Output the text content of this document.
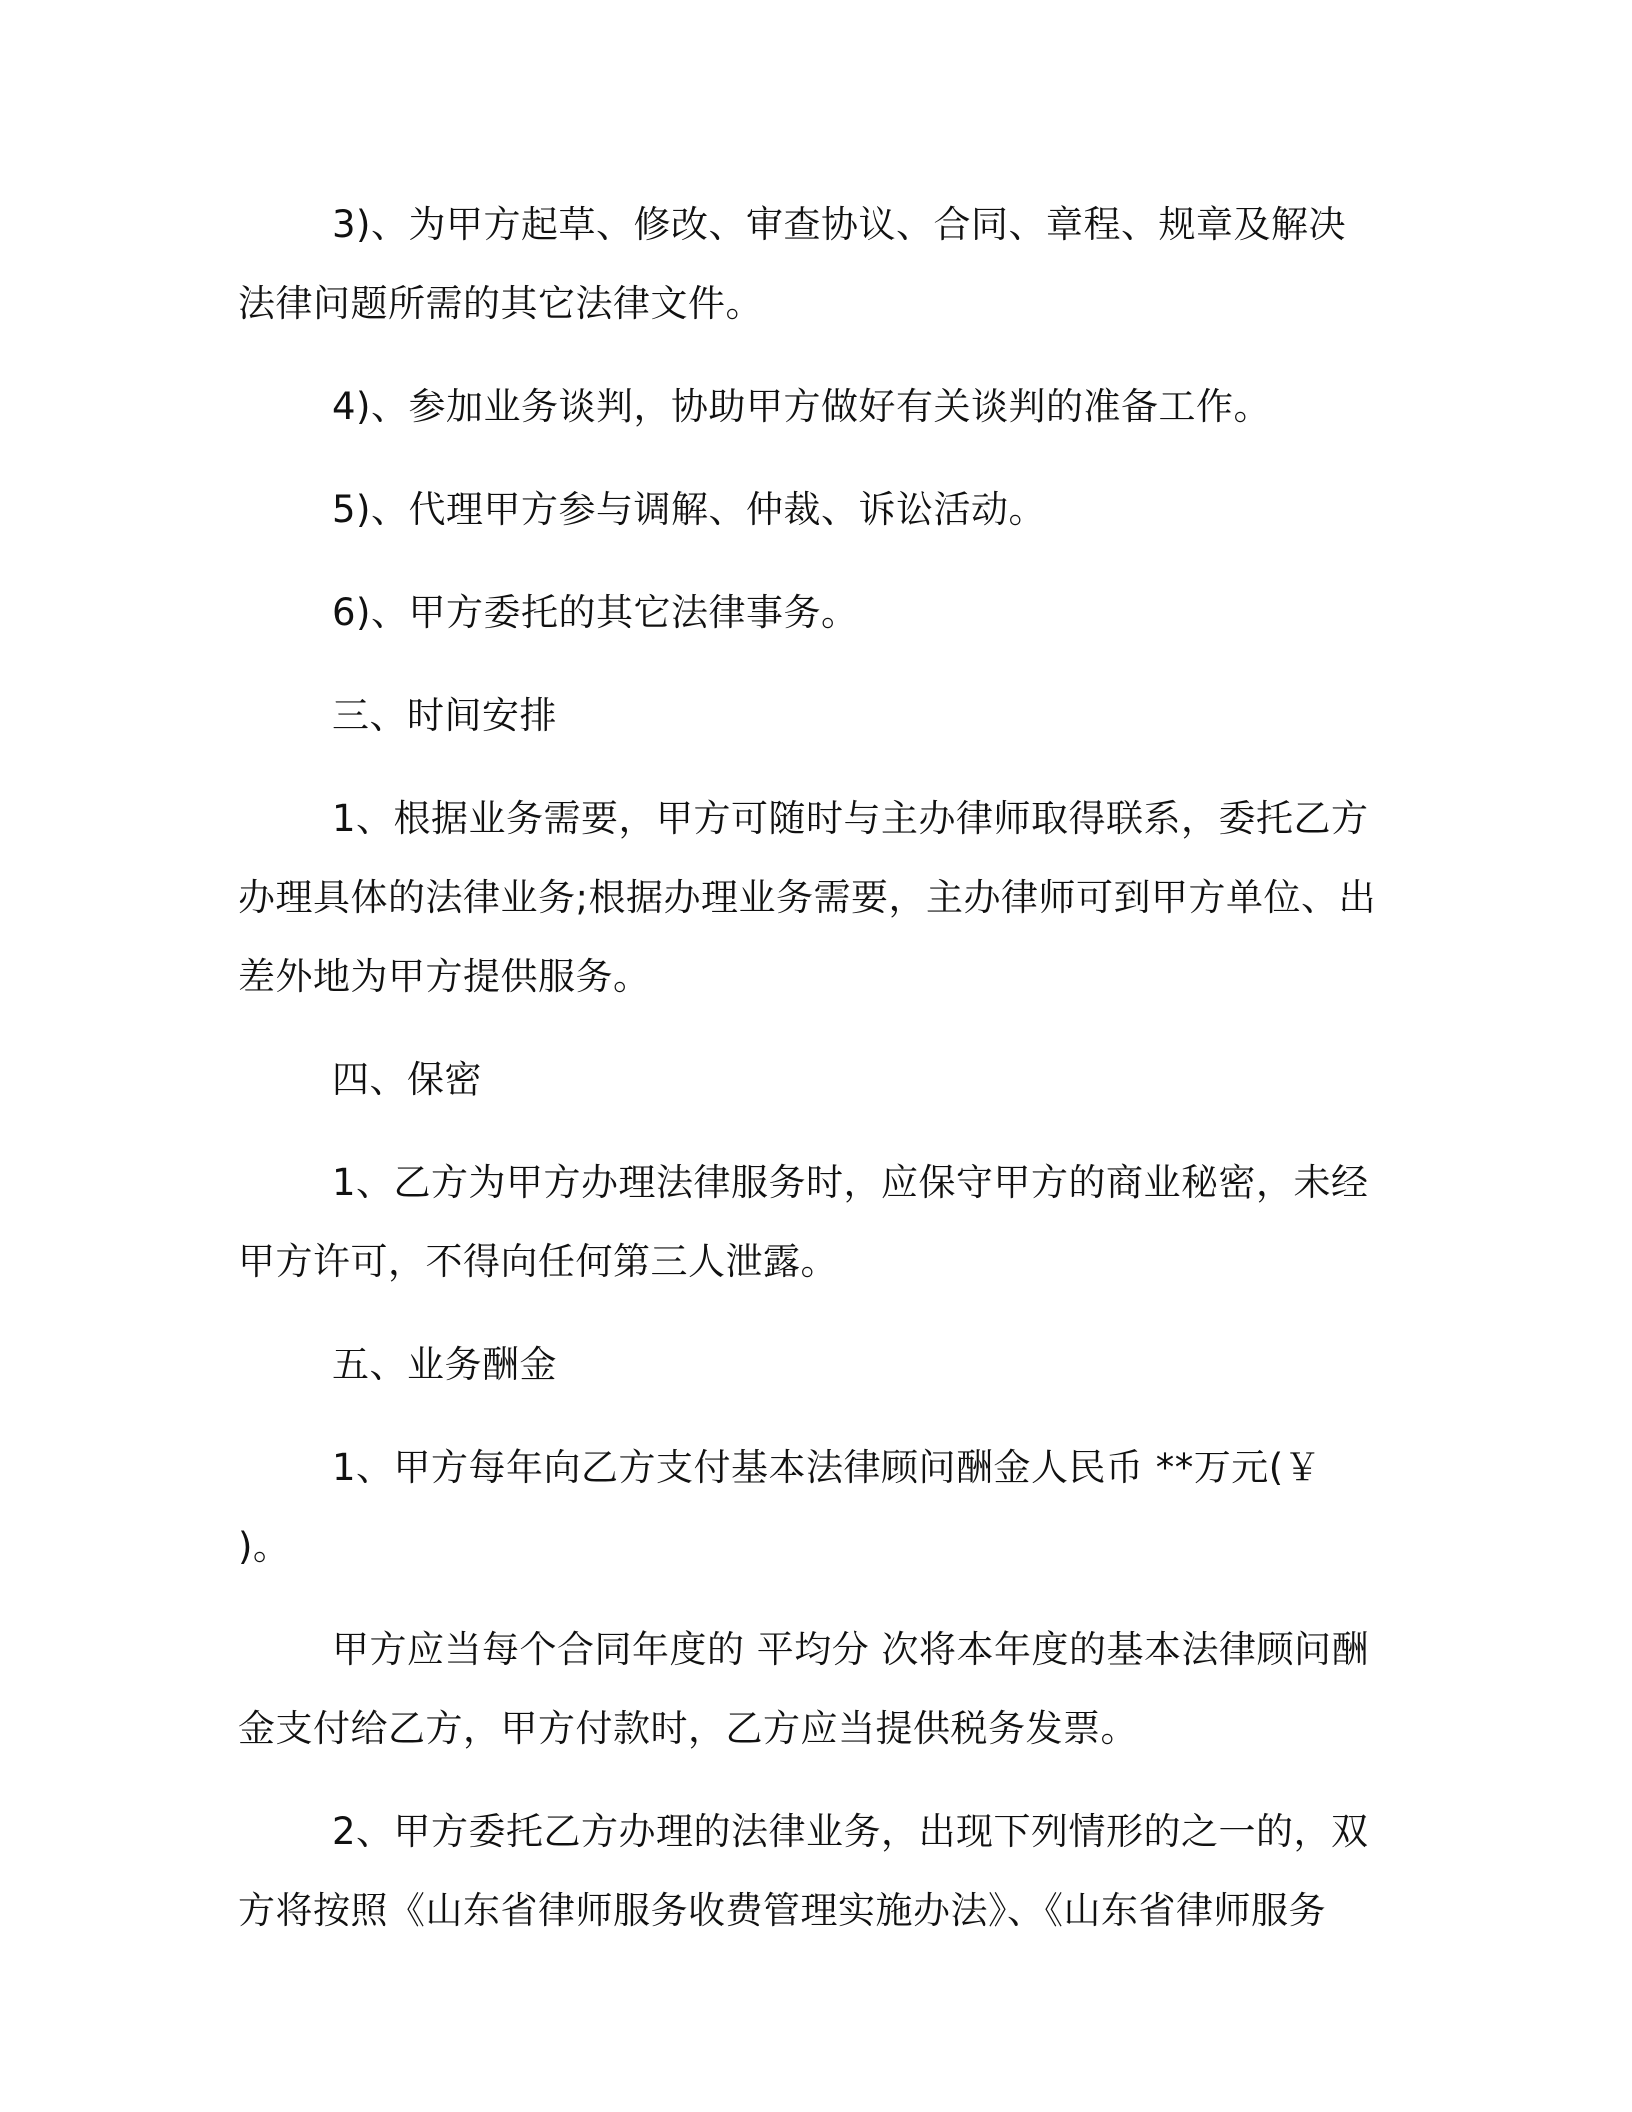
3)、为甲方起草、修改、审查协议、合同、章程、规章及解决法律问题所需的其它法律文件。

4)、参加业务谈判，协助甲方做好有关谈判的准备工作。

5)、代理甲方参与调解、仲裁、诉讼活动。

6)、甲方委托的其它法律事务。

三、时间安排

1、根据业务需要，甲方可随时与主办律师取得联系，委托乙方办理具体的法律业务;根据办理业务需要，主办律师可到甲方单位、出差外地为甲方提供服务。

四、保密

1、乙方为甲方办理法律服务时，应保守甲方的商业秘密，未经甲方许可，不得向任何第三人泄露。

五、业务酬金

1、甲方每年向乙方支付基本法律顾问酬金人民币 **万元(￥ )。

甲方应当每个合同年度的 平均分 次将本年度的基本法律顾问酬金支付给乙方，甲方付款时，乙方应当提供税务发票。

2、甲方委托乙方办理的法律业务，出现下列情形的之一的，双方将按照《山东省律师服务收费管理实施办法》、《山东省律师服务
